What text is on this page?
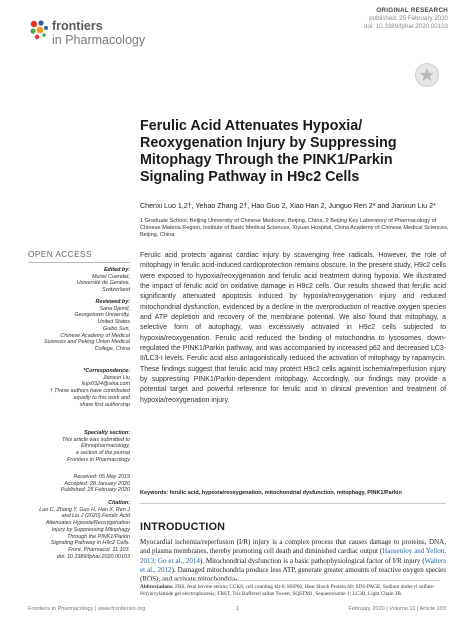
frontiers
in Pharmacology
ORIGINAL RESEARCH
published: 25 February 2020
doi: 10.3389/fphar.2020.00103
Ferulic Acid Attenuates Hypoxia/ Reoxygenation Injury by Suppressing Mitophagy Through the PINK1/Parkin Signaling Pathway in H9c2 Cells
Chenxi Luo 1,2†, Yehao Zhang 2†, Hao Guo 2, Xiao Han 2, Junguo Ren 2* and Jianxun Liu 2*
1 Graduate School, Beijing University of Chinese Medicine, Beijing, China, 2 Beijing Key Laboratory of Pharmacology of Chinese Materia Region, Institute of Basic Medical Sciences, Xiyuan Hospital, China Academy of Chinese Medical Sciences, Beijing, China
OPEN ACCESS
Edited by:
Muriel Cuendet,
Université de Genève,
Switzerland
Reviewed by:
Sana Djemil,
Georgetown University,
United States
Guibo Sun,
Chinese Academy of Medical
Sciences and Peking Union Medical
College, China
*Correspondence:
Jianxun Liu
liujx0324@sina.com
† These authors have contributed
equally to this work and
share first authorship
Specialty section:
This article was submitted to
Ethnopharmacology,
a section of the journal
Frontiers in Pharmacology
Received: 05 May 2019
Accepted: 28 January 2020
Published: 25 February 2020
Citation:
Luo C, Zhang Y, Guo H, Han X, Ren J
and Liu J (2020) Ferulic Acid
Attenuates Hypoxia/Reoxygenation
Injury by Suppressing Mitophagy
Through the PINK1/Parkin
Signaling Pathway in H9c2 Cells.
Front. Pharmacol. 11:103.
doi: 10.3389/fphar.2020.00103
Ferulic acid protects against cardiac injury by scavenging free radicals. However, the role of mitophagy in ferulic acid-induced cardioprotection remains obscure. In the present study, H9c2 cells were exposed to hypoxia/reoxygenation and ferulic acid treatment during hypoxia. We illustrated the impact of ferulic acid on oxidative damage in H9c2 cells. Our results showed that ferulic acid significantly attenuated apoptosis induced by hypoxia/reoxygenation injury and reduced mitochondrial dysfunction, evidenced by a decline in the overproduction of reactive oxygen species and ATP depletion and recovery of the membrane potential. We also found that mitophagy, a selective form of autophagy, was excessively activated in H9c2 cells subjected to hypoxia/reoxygenation. Ferulic acid reduced the binding of mitochondria to lysosomes, down-regulated the PINK1/Parkin pathway, and was accompanied by increased p62 and decreased LC3-II/LC3-I levels. Ferulic acid also antagonistically reduced the activation of mitophagy by rapamycin. These findings suggest that ferulic acid may protect H9c2 cells against ischemia/reperfusion injury by suppressing PINK1/Parkin-dependent mitophagy. Accordingly, our findings may provide a potential target and powerful reference for ferulic acid in clinical prevention and treatment of hypoxia/reoxygenation injury.
Keywords: ferulic acid, hypoxia/reoxygenation, mitochondrial dysfunction, mitophagy, PINK1/Parkin
INTRODUCTION
Myocardial ischemia/reperfusion (I/R) injury is a complex process that causes damage to proteins, DNA, and plasma membranes, thereby promoting cell death and diminished cardiac output (Hausenloy and Yellon, 2013; Go et al., 2014). Mitochondrial dysfunction is a basic pathophysiological factor of I/R injury (Walters et al., 2012). Damaged mitochondria produce less ATP, generate greater amounts of reactive oxygen species (ROS), and activate mitochondria-
Abbreviations: FBS, fetal bovine serum; CCK8, cell counting kit-8; HSP60, Heat Shock Protein 60; SDS-PAGE, Sodium dodecyl sulfate-Polyacrylamide gel electrophoresis; TBST, Tris Buffered saline Tween; SQSTM1, Sequestosome 1; LC3B, Light Chain 3B.
Frontiers in Pharmacology | www.frontiersin.org	1	February 2020 | Volume 11 | Article 103
